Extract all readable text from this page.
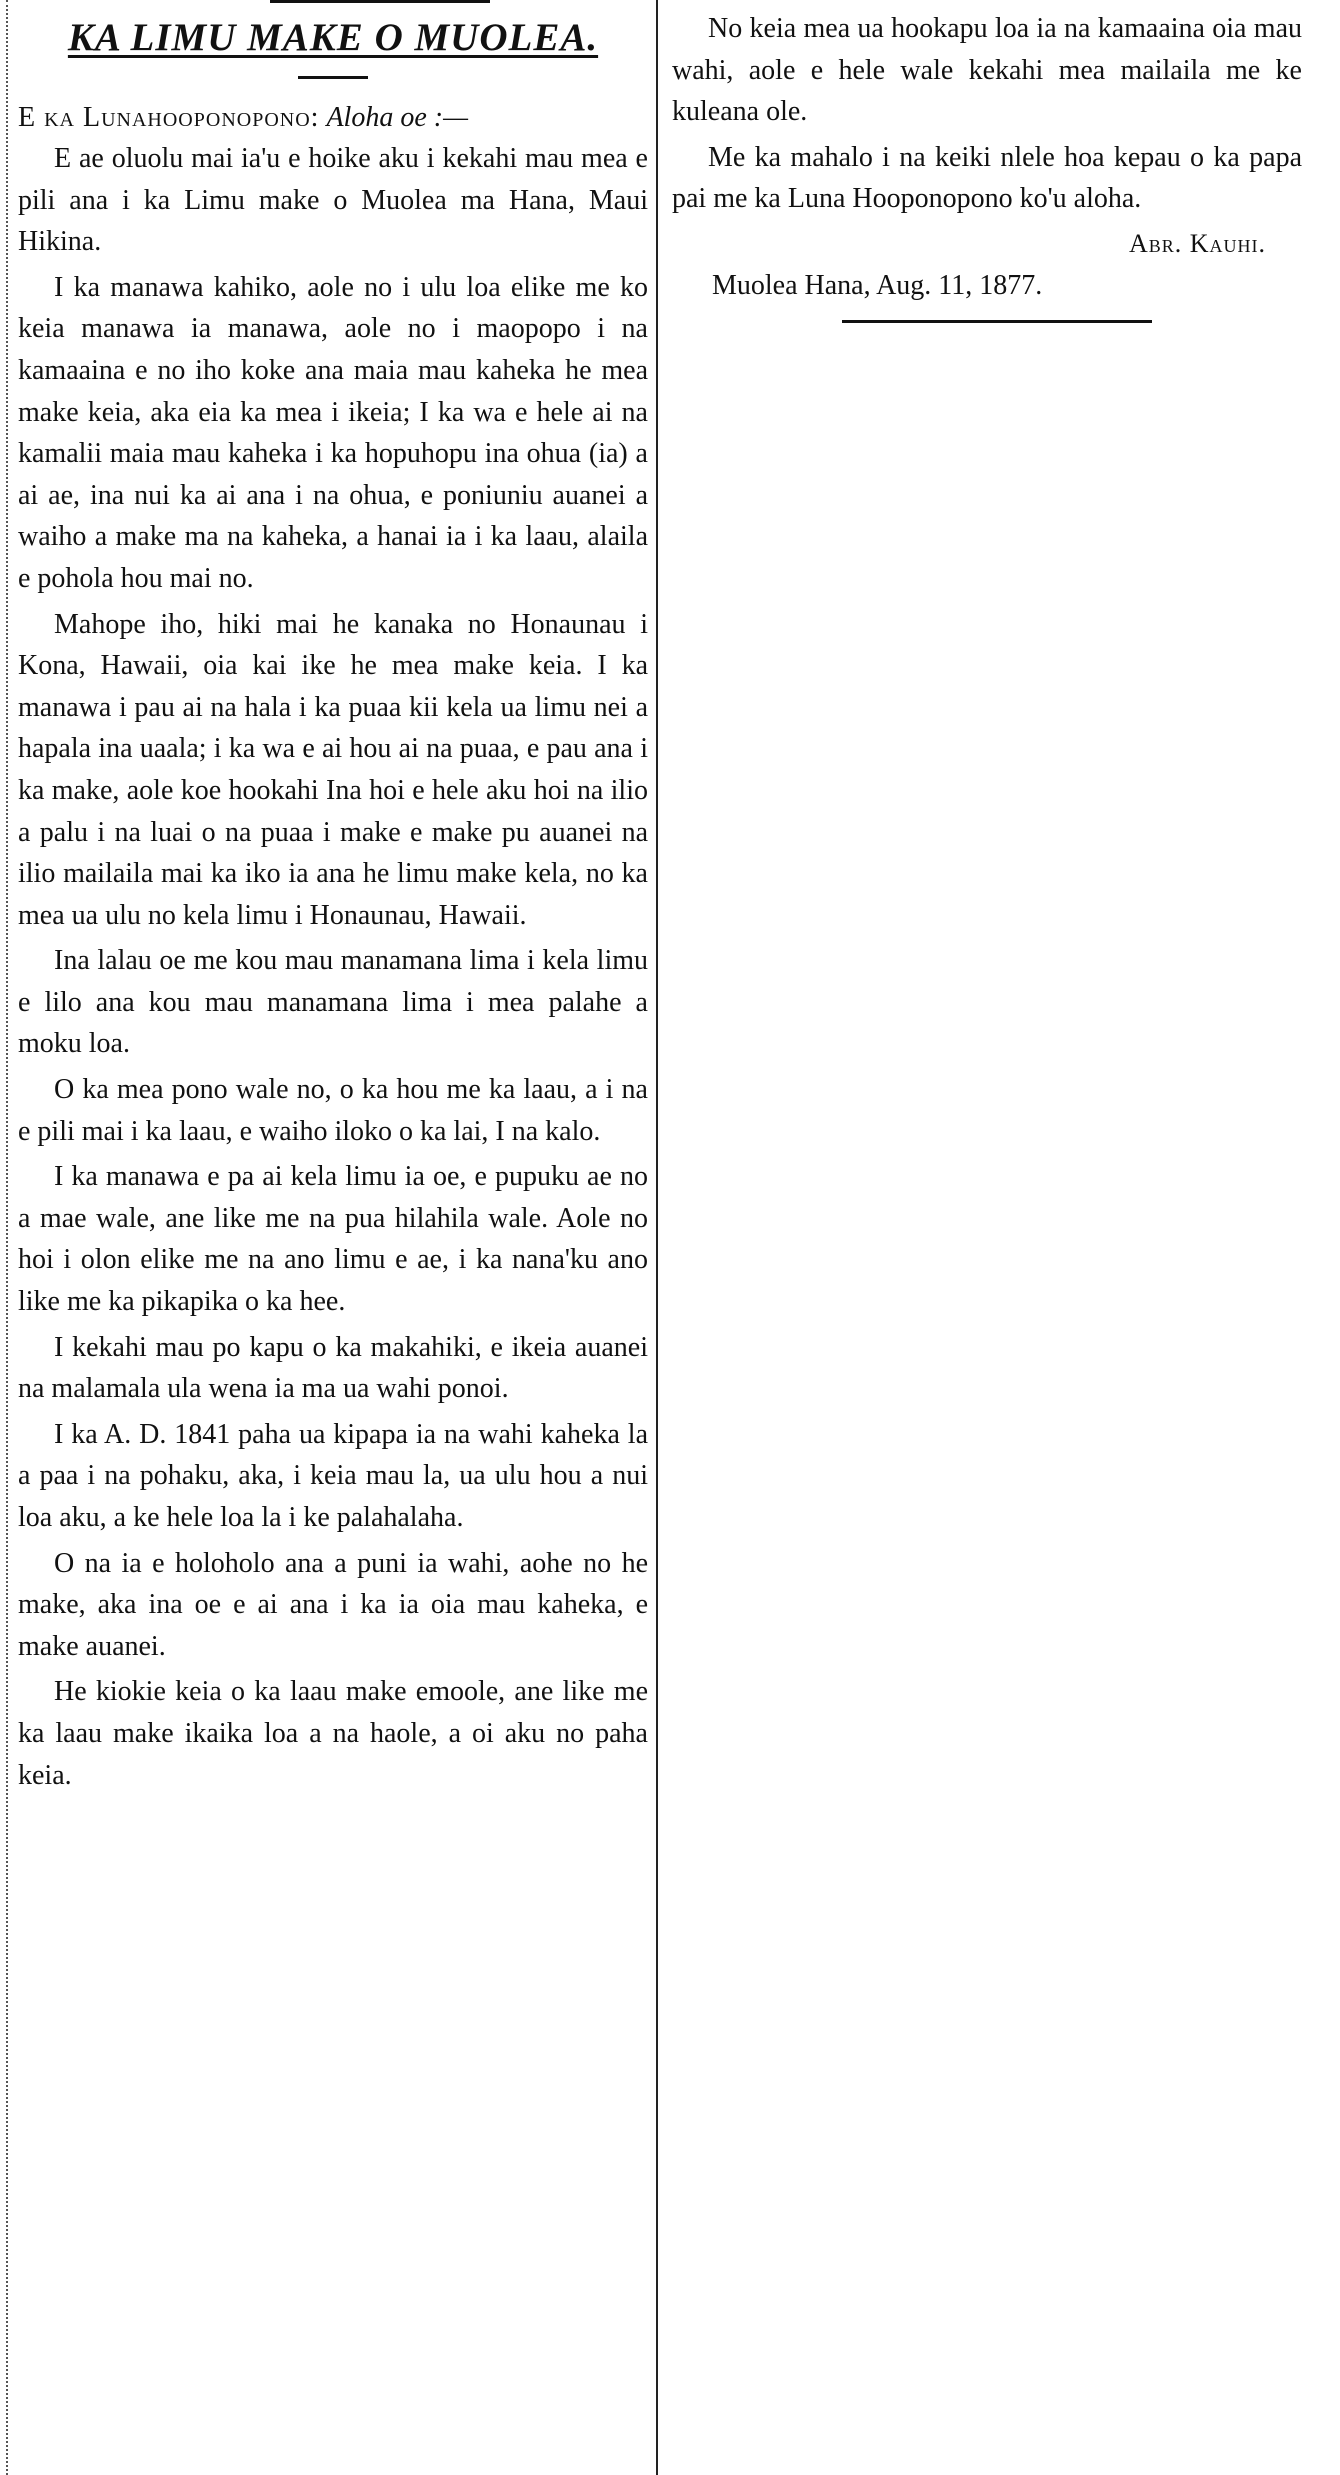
KA LIMU MAKE O MUOLEA.

E ka Lunahooponopono: Aloha oe :—

E ae oluolu mai ia'u e hoike aku i kekahi mau mea e pili ana i ka Limu make o Muolea ma Hana, Maui Hikina.

I ka manawa kahiko, aole no i ulu loa elike me ko keia manawa ia manawa, aole no i maopopo i na kamaaina e no iho koke ana maia mau kaheka he mea make keia, aka eia ka mea i ikeia; I ka wa e hele ai na kamalii maia mau kaheka i ka hopuhopu ina ohua (ia) a ai ae, ina nui ka ai ana i na ohua, e poniuniu auanei a waiho a make ma na kaheka, a hanai ia i ka laau, alaila e pohola hou mai no.

Mahope iho, hiki mai he kanaka no Honaunau i Kona, Hawaii, oia kai ike he mea make keia. I ka manawa i pau ai na hala i ka puaa kii kela ua limu nei a hapala ina uaala; i ka wa e ai hou ai na puaa, e pau ana i ka make, aole koe hookahi Ina hoi e hele aku hoi na ilio a palu i na luai o na puaa i make e make pu auanei na ilio mailaila mai ka iko ia ana he limu make kela, no ka mea ua ulu no kela limu i Honaunau, Hawaii.

Ina lalau oe me kou mau manamana lima i kela limu e lilo ana kou mau manamana lima i mea palahe a moku loa.

O ka mea pono wale no, o ka hou me ka laau, a i na e pili mai i ka laau, e waiho iloko o ka lai, I na kalo.

I ka manawa e pa ai kela limu ia oe, e pupuku ae no a mae wale, ane like me na pua hilahila wale. Aole no hoi i olon elike me na ano limu e ae, i ka nana'ku ano like me ka pikapika o ka hee.

I kekahi mau po kapu o ka makahiki, e ikeia auanei na malamala ula wena ia ma ua wahi ponoi.

I ka A. D. 1841 paha ua kipapa ia na wahi kaheka la a paa i na pohaku, aka, i keia mau la, ua ulu hou a nui loa aku, a ke hele loa la i ke palahalaha.

O na ia e holoholo ana a puni ia wahi, aohe no he make, aka ina oe e ai ana i ka ia oia mau kaheka, e make auanei.

He kiokie keia o ka laau make emoole, ane like me ka laau make ikaika loa a na haole, a oi aku no paha keia.

No keia mea ua hookapu loa ia na kamaaina oia mau wahi, aole e hele wale kekahi mea mailaila me ke kuleana ole.

Me ka mahalo i na keiki nlele hoa kepau o ka papa pai me ka Luna Hooponopono ko'u aloha.

Abr. Kauhi.

Muolea Hana, Aug. 11, 1877.
